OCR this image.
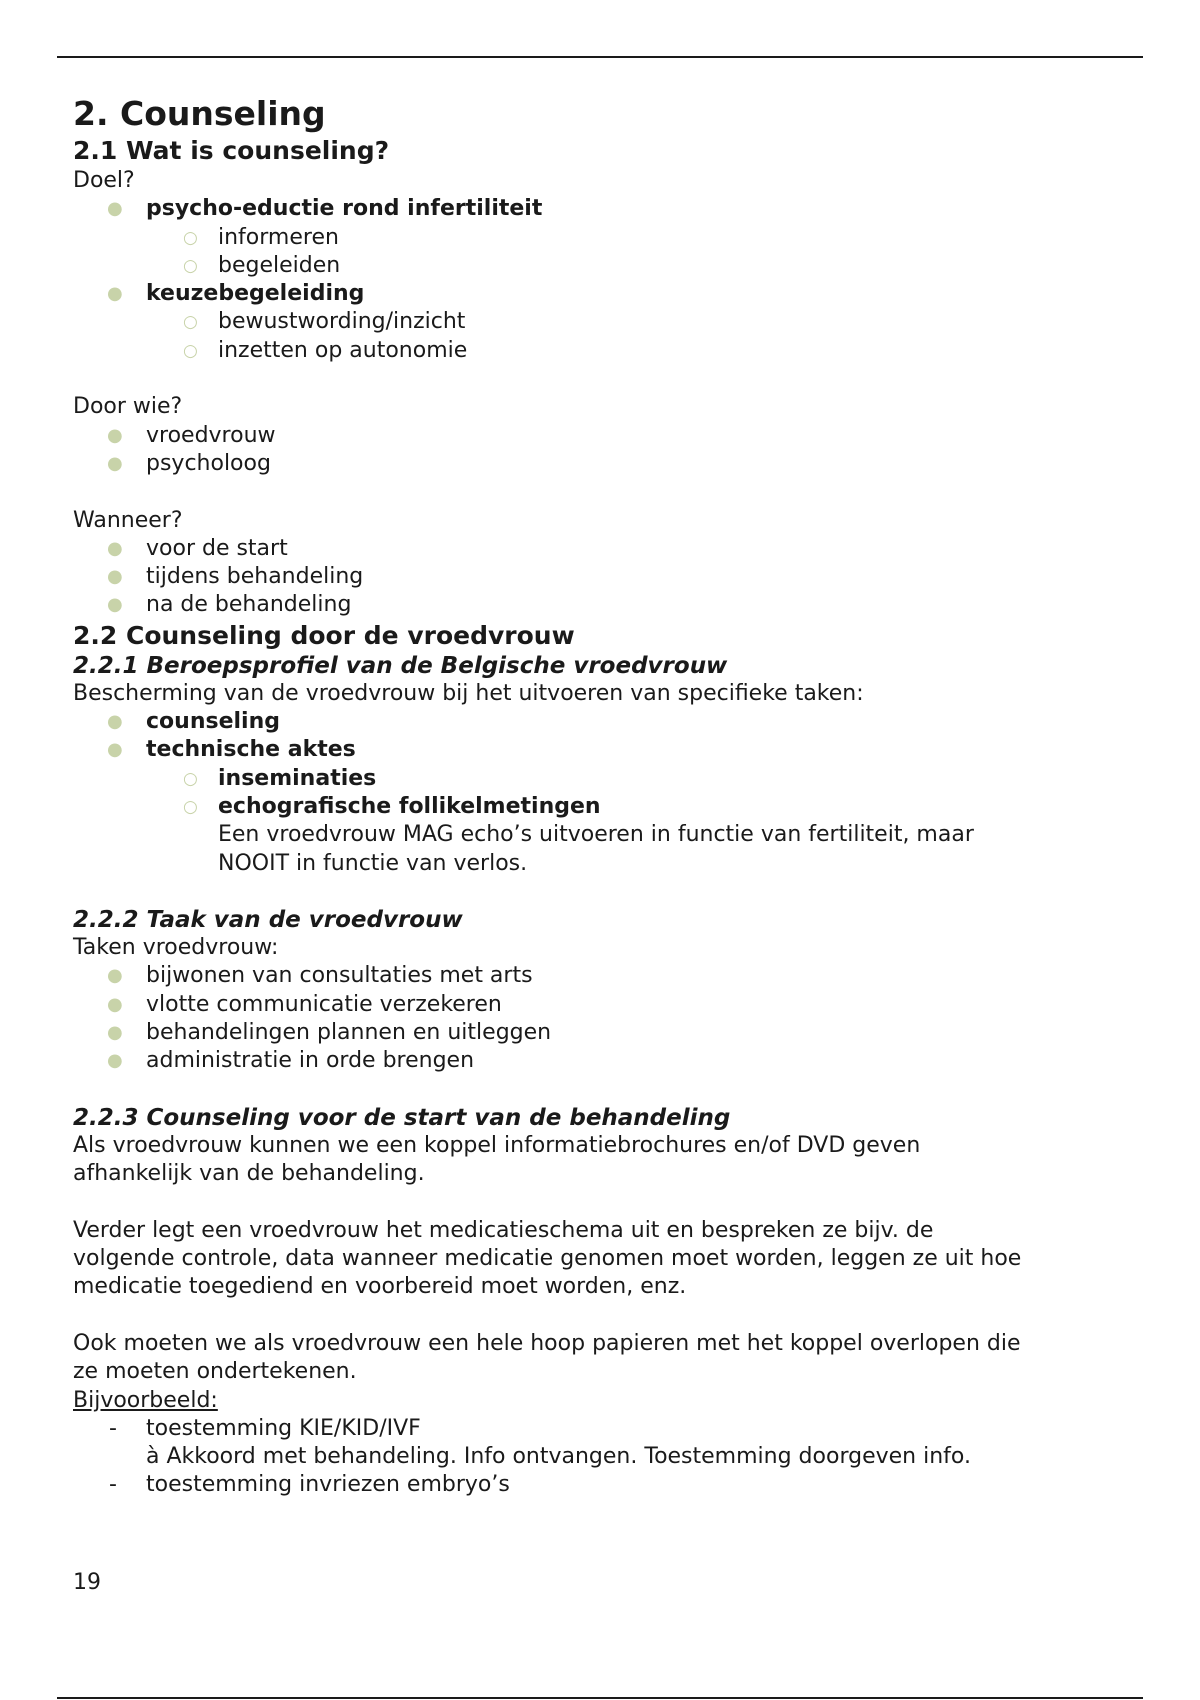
2. Counseling
2.1 Wat is counseling?
Doel?
● psycho-eductie rond infertiliteit
○ informeren
○ begeleiden
● keuzebegeleiding
○ bewustwording/inzicht
○ inzetten op autonomie
Door wie?
● vroedvrouw
● psycholoog
Wanneer?
● voor de start
● tijdens behandeling
● na de behandeling
2.2 Counseling door de vroedvrouw
2.2.1 Beroepsprofiel van de Belgische vroedvrouw
Bescherming van de vroedvrouw bij het uitvoeren van specifieke taken:
● counseling
● technische aktes
○ inseminaties
○ echografische follikelmetingen
Een vroedvrouw MAG echo’s uitvoeren in functie van fertiliteit, maar
NOOIT in functie van verlos.
2.2.2 Taak van de vroedvrouw
Taken vroedvrouw:
● bijwonen van consultaties met arts
● vlotte communicatie verzekeren
● behandelingen plannen en uitleggen
● administratie in orde brengen
2.2.3 Counseling voor de start van de behandeling
Als vroedvrouw kunnen we een koppel informatiebrochures en/of DVD geven
afhankelijk van de behandeling.
Verder legt een vroedvrouw het medicatieschema uit en bespreken ze bijv. de
volgende controle, data wanneer medicatie genomen moet worden, leggen ze uit hoe
medicatie toegediend en voorbereid moet worden, enz.
Ook moeten we als vroedvrouw een hele hoop papieren met het koppel overlopen die
ze moeten ondertekenen.
Bijvoorbeeld:
- toestemming KIE/KID/IVF
à Akkoord met behandeling. Info ontvangen. Toestemming doorgeven info.
- toestemming invriezen embryo’s
19
